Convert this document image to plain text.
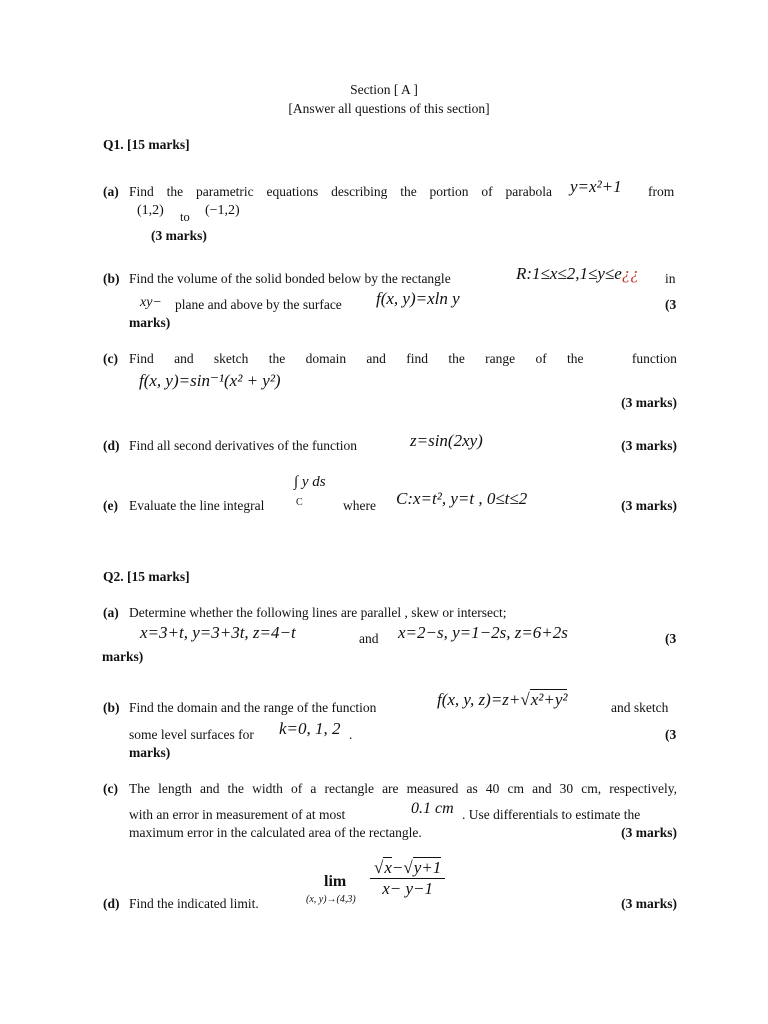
Section [ A ]
[Answer all questions of this section]
Q1. [15 marks]
(a) Find the parametric equations describing the portion of parabola y=x²+1 from
(1,2) to (−1,2)
(3 marks)
(b) Find the volume of the solid bonded below by the rectangle	R:1≤x≤2,1≤y≤e¿¿ in
xy− plane and above by the surface f(x, y)=xln y	(3
marks)
(c) Find and sketch the domain and find the range of the	function
f(x, y)=sin⁻¹(x² + y²)
(3 marks)
(d) Find all second derivatives of the function	z=sin(2xy)	(3 marks)
(e) Evaluate the line integral
∫ y ds
C	where C:x=t², y=t , 0≤t≤2	(3 marks)
Q2. [15 marks]
(a) Determine whether the following lines are parallel , skew or intersect;
x=3+t, y=3+3t, z=4−t	and x=2−s, y=1−2s, z=6+2s	(3
marks)
(b) Find the domain and the range of the function	f(x, y, z)=z+√x²+y²	and sketch
some level surfaces for k=0, 1, 2 .	(3
marks)
(c) The length and the width of a rectangle are measured as 40 cm and 30 cm, respectively,
with an error in measurement of at most	0.1 cm . Use differentials to estimate the
maximum error in the calculated area of the rectangle.	(3 marks)
(d) Find the indicated limit.
lim
(x, y)→(4,3)
$\frac{√x-√y+1}{x- y-1}$
(3 marks)
